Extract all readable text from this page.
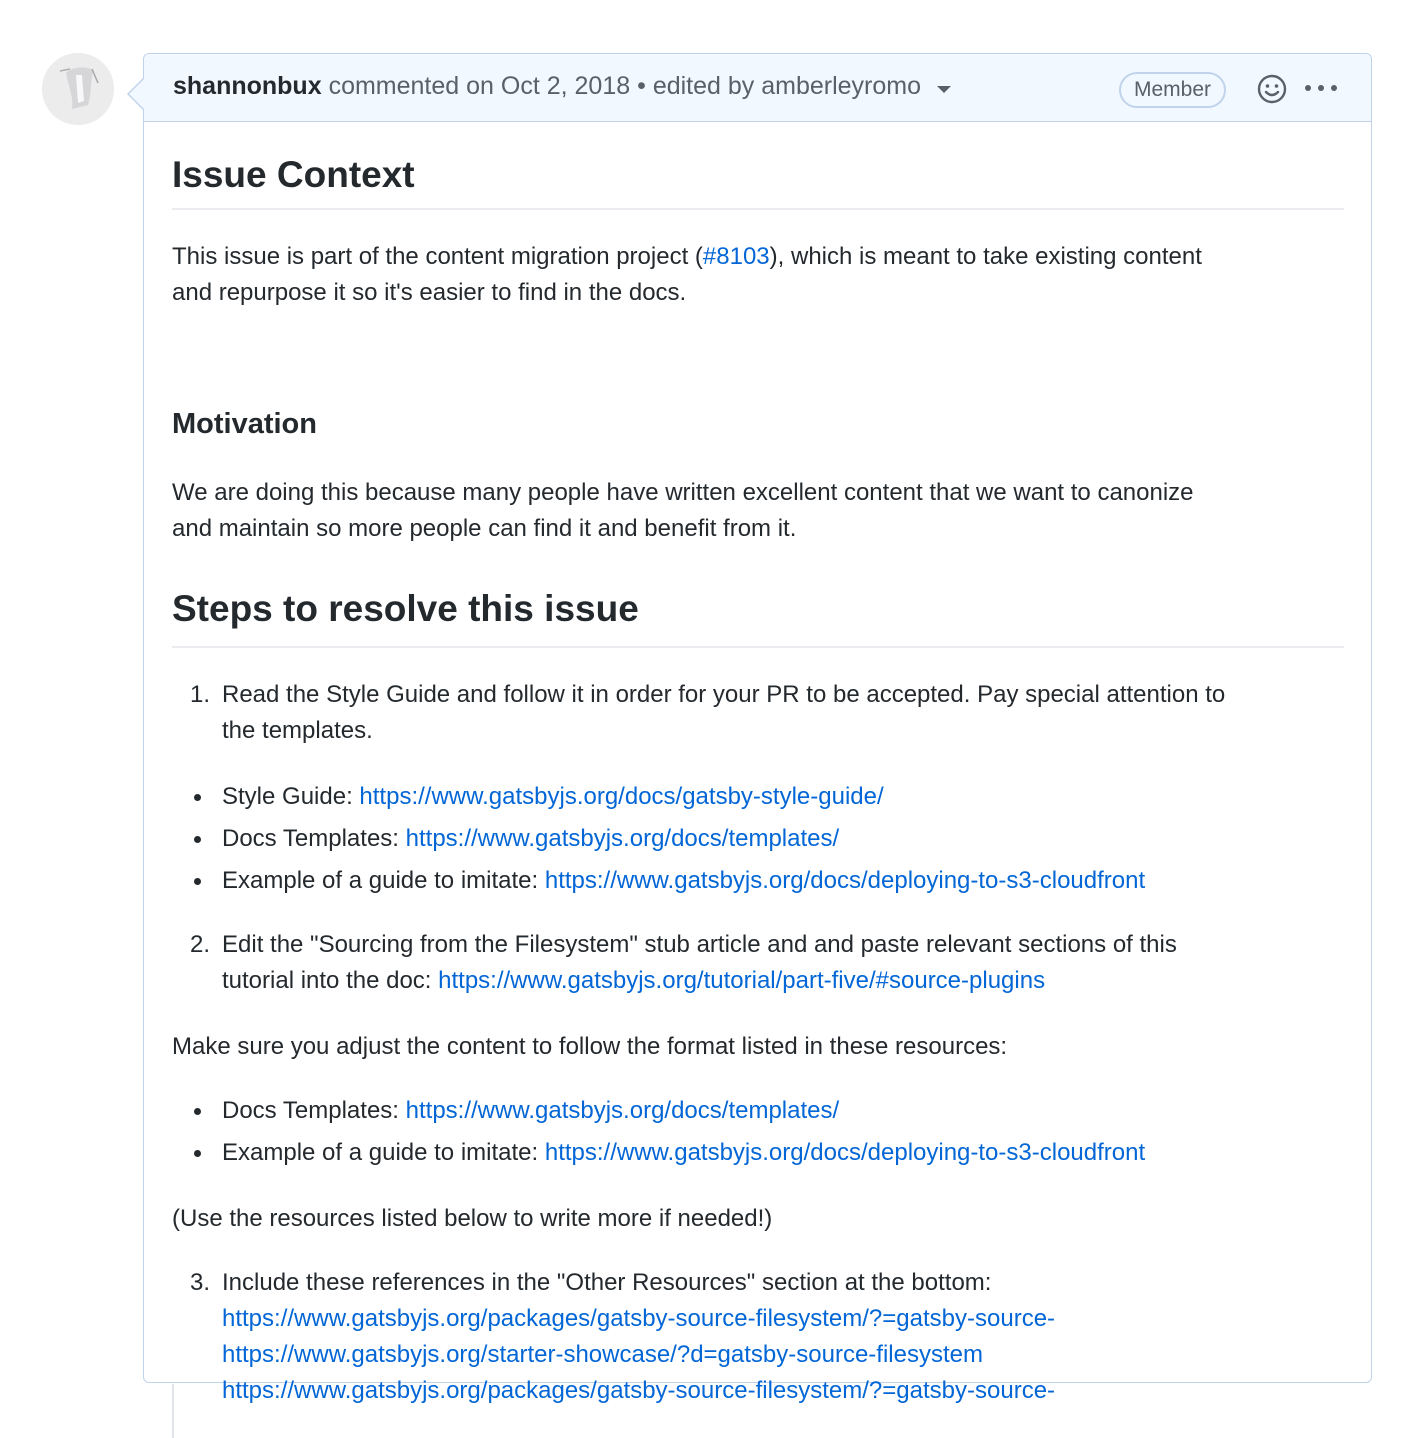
shannonbux
commented on
Oct 2, 2018
•
edited by amberleyromo	Member
Issue Context
This issue is part of the content migration project (#8103), which is meant to take existing content
and repurpose it so it's easier to find in the docs.
Motivation
We are doing this because many people have written excellent content that we want to canonize
and maintain so more people can find it and benefit from it.
Steps to resolve this issue
1. Read the Style Guide and follow it in order for your PR to be accepted. Pay special attention to
the templates.
Style Guide: https://www.gatsbyjs.org/docs/gatsby-style-guide/
Docs Templates: https://www.gatsbyjs.org/docs/templates/
Example of a guide to imitate: https://www.gatsbyjs.org/docs/deploying-to-s3-cloudfront
2. Edit the "Sourcing from the Filesystem" stub article and and paste relevant sections of this
tutorial into the doc: https://www.gatsbyjs.org/tutorial/part-five/#source-plugins
Make sure you adjust the content to follow the format listed in these resources:
Docs Templates: https://www.gatsbyjs.org/docs/templates/
Example of a guide to imitate: https://www.gatsbyjs.org/docs/deploying-to-s3-cloudfront
(Use the resources listed below to write more if needed!)
3. Include these references in the "Other Resources" section at the bottom:
https://www.gatsbyjs.org/packages/gatsby-source-filesystem/?=gatsby-source-
https://www.gatsbyjs.org/starter-showcase/?d=gatsby-source-filesystem
https://www.gatsbyjs.org/packages/gatsby-source-filesystem/?=gatsby-source-
